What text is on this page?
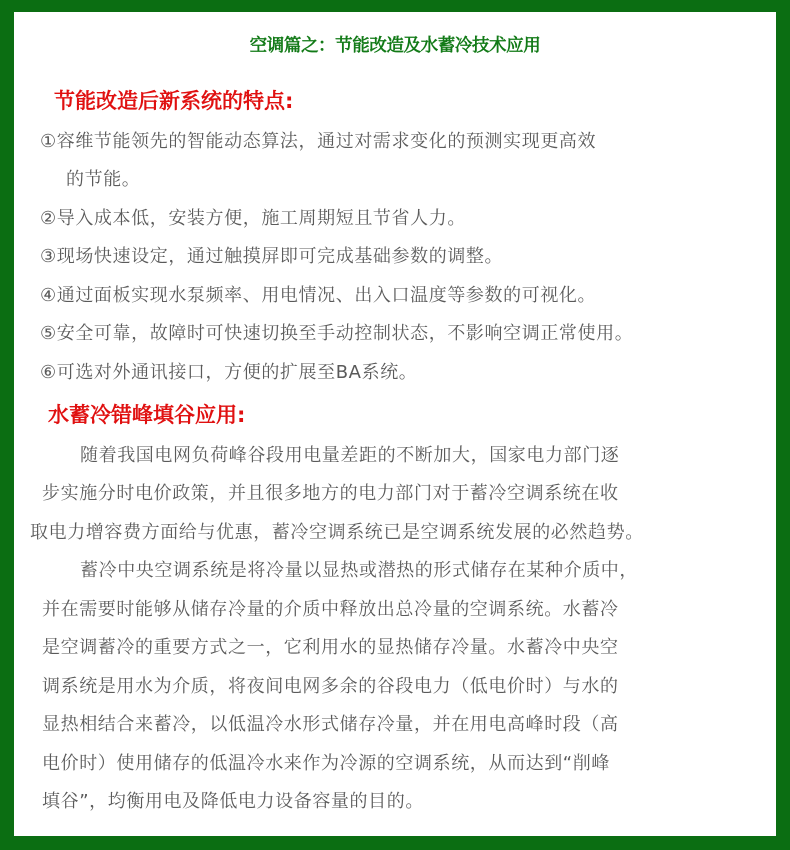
空调篇之：节能改造及水蓄冷技术应用
节能改造后新系统的特点:
①容维节能领先的智能动态算法，通过对需求变化的预测实现更高效
的节能。
②导入成本低，安装方便，施工周期短且节省人力。
③现场快速设定，通过触摸屏即可完成基础参数的调整。
④通过面板实现水泵频率、用电情况、出入口温度等参数的可视化。
⑤安全可靠，故障时可快速切换至手动控制状态，不影响空调正常使用。
⑥可选对外通讯接口，方便的扩展至BA系统。
水蓄冷错峰填谷应用:
随着我国电网负荷峰谷段用电量差距的不断加大，国家电力部门逐
步实施分时电价政策，并且很多地方的电力部门对于蓄冷空调系统在收
取电力增容费方面给与优惠，蓄冷空调系统已是空调系统发展的必然趋势。
蓄冷中央空调系统是将冷量以显热或潜热的形式储存在某种介质中，
并在需要时能够从储存冷量的介质中释放出总冷量的空调系统。水蓄冷
是空调蓄冷的重要方式之一，它利用水的显热储存冷量。水蓄冷中央空
调系统是用水为介质，将夜间电网多余的谷段电力（低电价时）与水的
显热相结合来蓄冷，以低温冷水形式储存冷量，并在用电高峰时段（高
电价时）使用储存的低温冷水来作为冷源的空调系统，从而达到“削峰
填谷”，均衡用电及降低电力设备容量的目的。
